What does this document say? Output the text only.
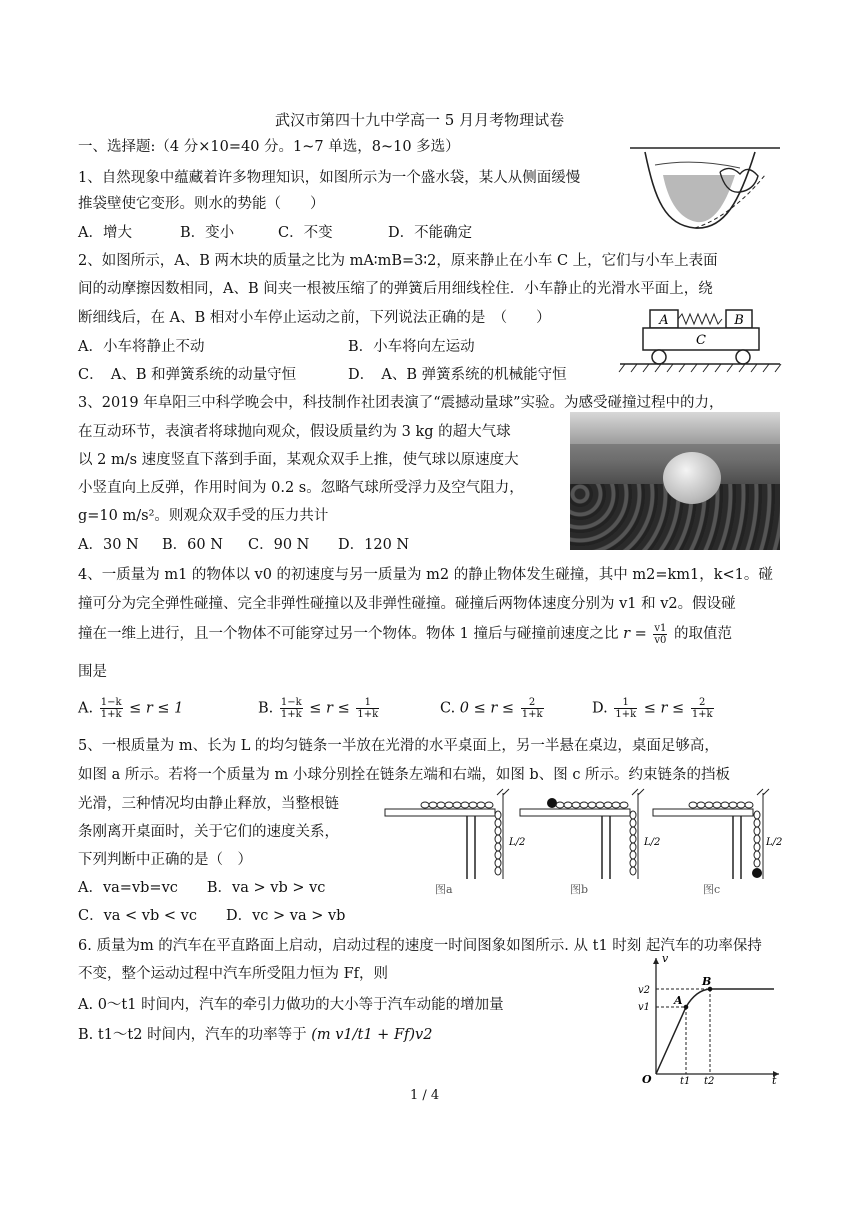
武汉市第四十九中学高一 5 月月考物理试卷
一、选择题:（4 分×10=40 分。1~7 单选，8~10 多选）
1、自然现象中蕴藏着许多物理知识，如图所示为一个盛水袋，某人从侧面缓慢
推袋壁使它变形。则水的势能（　　）
A．增大	B．变小	C．不变	D．不能确定
2、如图所示，A、B 两木块的质量之比为 mA∶mB=3∶2，原来静止在小车 C 上，它们与小车上表面
间的动摩擦因数相同，A、B 间夹一根被压缩了的弹簧后用细线栓住．小车静止的光滑水平面上，绕
断细线后，在 A、B 相对小车停止运动之前，下列说法正确的是　（　　）
A．小车将静止不动	B．小车将向左运动
C．　A、B 和弹簧系统的动量守恒	D．　A、B 弹簧系统的机械能守恒
A	B
C
3、2019 年阜阳三中科学晚会中，科技制作社团表演了“震撼动量球”实验。为感受碰撞过程中的力，
在互动环节，表演者将球抛向观众，假设质量约为 3 kg 的超大气球
以 2 m/s 速度竖直下落到手面，某观众双手上推，使气球以原速度大
小竖直向上反弹，作用时间为 0.2 s。忽略气球所受浮力及空气阻力，
g=10 m/s²。则观众双手受的压力共计
A．30 N B．60 N C．90 N D．120 N
4、一质量为 m1 的物体以 v0 的初速度与另一质量为 m2 的静止物体发生碰撞，其中 m2=km1，k<1。碰
撞可分为完全弹性碰撞、完全非弹性碰撞以及非弹性碰撞。碰撞后两物体速度分别为 v1 和 v2。假设碰
撞在一维上进行，且一个物体不可能穿过另一个物体。物体 1 撞后与碰撞前速度之比 $r = \frac{v1}{v0}$ 的取值范
围是
A. $\frac{1-k}{1+k} \le r \le 1$	B. $\frac{1-k}{1+k} \le r \le \frac{1}{1+k}$	C. $0 \le r \le \frac{2}{1+k}$	D. $\frac{1}{1+k} \le r \le \frac{2}{1+k}$
5、一根质量为 m、长为 L 的均匀链条一半放在光滑的水平桌面上，另一半悬在桌边，桌面足够高，
如图 a 所示。若将一个质量为 m 小球分别拴在链条左端和右端，如图 b、图 c 所示。约束链条的挡板
光滑，三种情况均由静止释放，当整根链
条刚离开桌面时，关于它们的速度关系，
下列判断中正确的是（　）
A．va=vb=vc　　B．va > vb > vc
C．va < vb < vc　　D．vc > va > vb
L/2
图a
L/2
图b
L/2
图c
6. 质量为m 的汽车在平直路面上启动，启动过程的速度一时间图象如图所示. 从 t1 时刻 起汽车的功率保持
不变，整个运动过程中汽车所受阻力恒为 Ff，则
A. 0～t1 时间内，汽车的牵引力做功的大小等于汽车动能的增加量
B. t1～t2 时间内，汽车的功率等于 (m v1/t1 + Ff)v2
v
t
O
v1
v2
t1 t2
A
B
1 / 4
